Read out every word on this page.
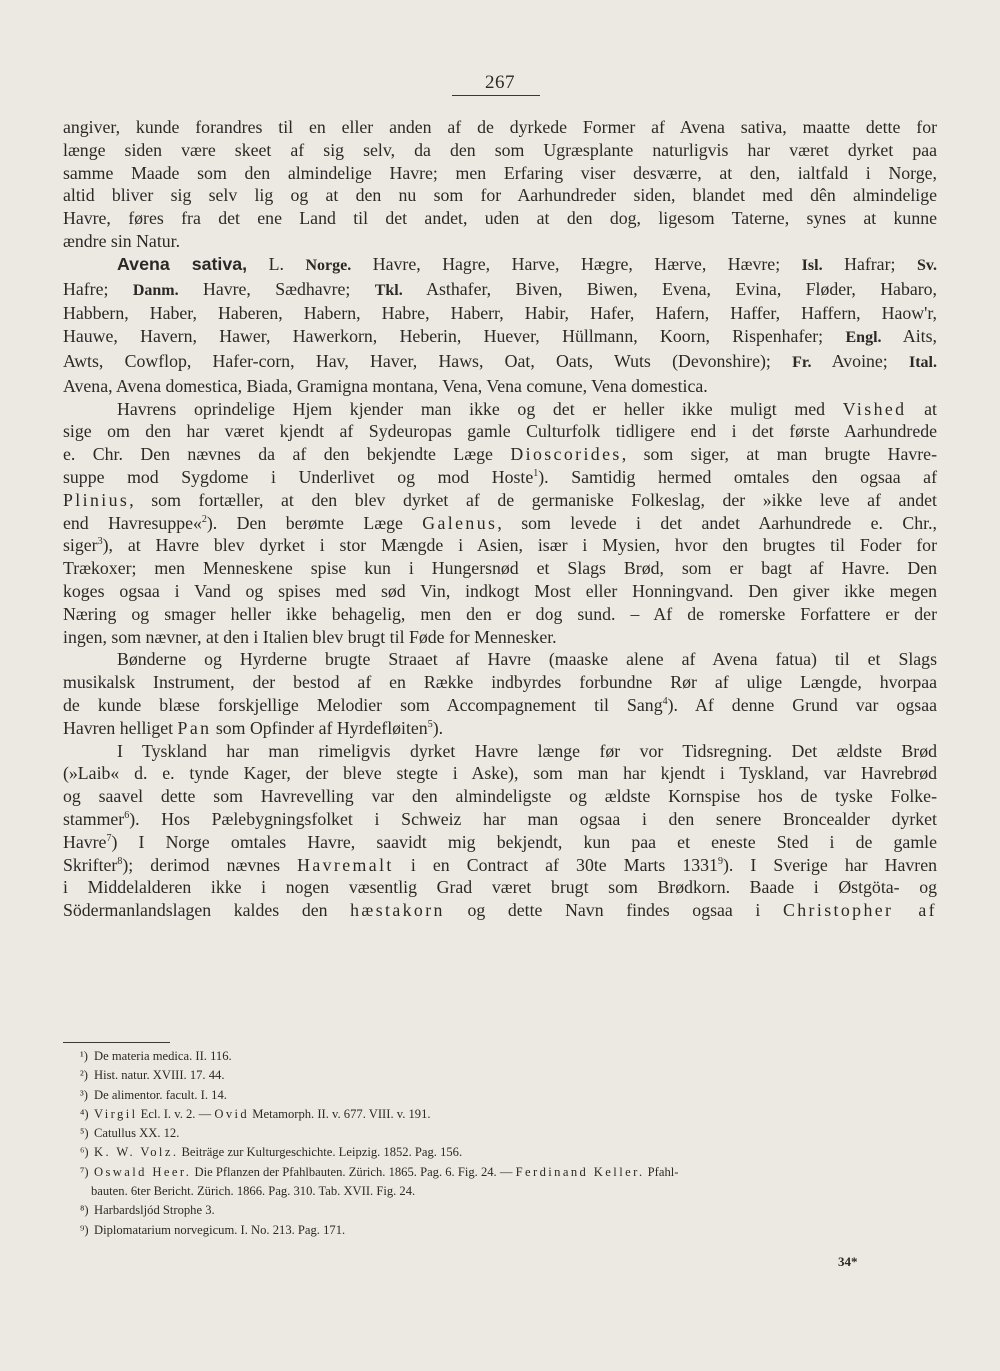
267
angiver, kunde forandres til en eller anden af de dyrkede Former af Avena sativa, maatte dette for
længe siden være skeet af sig selv, da den som Ugræsplante naturligvis har været dyrket paa
samme Maade som den almindelige Havre; men Erfaring viser desværre, at den, ialtfald i Norge,
altid bliver sig selv lig og at den nu som for Aarhundreder siden, blandet med dên almindelige
Havre, føres fra det ene Land til det andet, uden at den dog, ligesom Taterne, synes at kunne
ændre sin Natur.
Avena sativa, L. Norge. Havre, Hagre, Harve, Hægre, Hærve, Hævre; Isl. Hafrar; Sv.
Hafre; Danm. Havre, Sædhavre; Tkl. Asthafer, Biven, Biwen, Evena, Evina, Fløder, Habaro,
Habbern, Haber, Haberen, Habern, Habre, Haberr, Habir, Hafer, Hafern, Haffer, Haffern, Haow'r,
Hauwe, Havern, Hawer, Hawerkorn, Heberin, Huever, Hüllmann, Koorn, Rispenhafer; Engl. Aits,
Awts, Cowflop, Hafer-corn, Hav, Haver, Haws, Oat, Oats, Wuts (Devonshire); Fr. Avoine; Ital.
Avena, Avena domestica, Biada, Gramigna montana, Vena, Vena comune, Vena domestica.
Havrens oprindelige Hjem kjender man ikke og det er heller ikke muligt med Vished at
sige om den har været kjendt af Sydeuropas gamle Culturfolk tidligere end i det første Aarhundrede
e. Chr. Den nævnes da af den bekjendte Læge Dioscorides, som siger, at man brugte Havre-
suppe mod Sygdome i Underlivet og mod Hoste$^1$). Samtidig hermed omtales den ogsaa af
Plinius, som fortæller, at den blev dyrket af de germaniske Folkeslag, der »ikke leve af andet
end Havresuppe«$^2$). Den berømte Læge Galenus, som levede i det andet Aarhundrede e. Chr.,
siger$^3$), at Havre blev dyrket i stor Mængde i Asien, især i Mysien, hvor den brugtes til Foder for
Trækoxer; men Menneskene spise kun i Hungersnød et Slags Brød, som er bagt af Havre. Den
koges ogsaa i Vand og spises med sød Vin, indkogt Most eller Honningvand. Den giver ikke megen
Næring og smager heller ikke behagelig, men den er dog sund. – Af de romerske Forfattere er der
ingen, som nævner, at den i Italien blev brugt til Føde for Mennesker.
Bønderne og Hyrderne brugte Straaet af Havre (maaske alene af Avena fatua) til et Slags
musikalsk Instrument, der bestod af en Række indbyrdes forbundne Rør af ulige Længde, hvorpaa
de kunde blæse forskjellige Melodier som Accompagnement til Sang$^4$). Af denne Grund var ogsaa
Havren helliget Pan som Opfinder af Hyrdefløiten$^5$).
I Tyskland har man rimeligvis dyrket Havre længe før vor Tidsregning. Det ældste Brød
(»Laib« d. e. tynde Kager, der bleve stegte i Aske), som man har kjendt i Tyskland, var Havrebrød
og saavel dette som Havrevelling var den almindeligste og ældste Kornspise hos de tyske Folke-
stammer$^6$). Hos Pælebygningsfolket i Schweiz har man ogsaa i den senere Broncealder dyrket
Havre$^7$) I Norge omtales Havre, saavidt mig bekjendt, kun paa et eneste Sted i de gamle
Skrifter$^8$); derimod nævnes Havremalt i en Contract af 30te Marts 1331$^9$). I Sverige har Havren
i Middelalderen ikke i nogen væsentlig Grad været brugt som Brødkorn. Baade i Østgöta- og
Södermanlandslagen kaldes den hæstakorn og dette Navn findes ogsaa i Christopher af
¹) De materia medica. II. 116.
²) Hist. natur. XVIII. 17. 44.
³) De alimentor. facult. I. 14.
⁴) Virgil Ecl. I. v. 2. — Ovid Metamorph. II. v. 677. VIII. v. 191.
⁵) Catullus XX. 12.
⁶) K. W. Volz. Beiträge zur Kulturgeschichte. Leipzig. 1852. Pag. 156.
⁷) Oswald Heer. Die Pflanzen der Pfahlbauten. Zürich. 1865. Pag. 6. Fig. 24. — Ferdinand Keller. Pfahl-
bauten. 6ter Bericht. Zürich. 1866. Pag. 310. Tab. XVII. Fig. 24.
⁸) Harbardsljód Strophe 3.
⁹) Diplomatarium norvegicum. I. No. 213. Pag. 171.
34*
